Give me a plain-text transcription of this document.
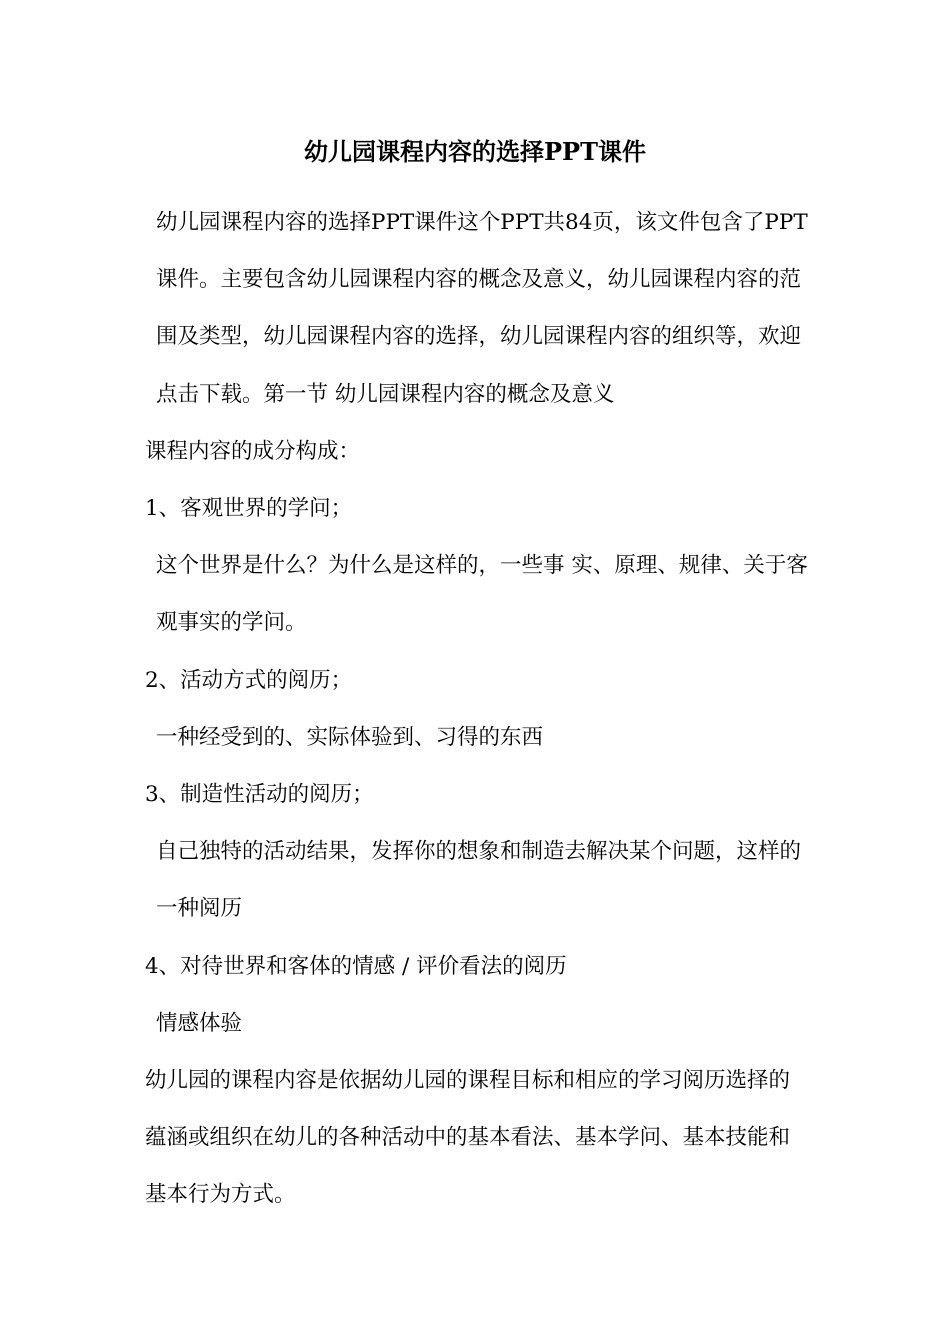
幼儿园课程内容的选择PPT课件

幼儿园课程内容的选择PPT课件这个PPT共84页，该文件包含了PPT课件。主要包含幼儿园课程内容的概念及意义，幼儿园课程内容的范围及类型，幼儿园课程内容的选择，幼儿园课程内容的组织等，欢迎点击下载。第一节 幼儿园课程内容的概念及意义

课程内容的成分构成：

1、客观世界的学问；

这个世界是什么？为什么是这样的，一些事 实、原理、规律、关于客观事实的学问。

2、活动方式的阅历；

一种经受到的、实际体验到、习得的东西

3、制造性活动的阅历；

自己独特的活动结果，发挥你的想象和制造去解决某个问题，这样的一种阅历

4、对待世界和客体的情感 / 评价看法的阅历

情感体验

幼儿园的课程内容是依据幼儿园的课程目标和相应的学习阅历选择的蕴涵或组织在幼儿的各种活动中的基本看法、基本学问、基本技能和基本行为方式。
